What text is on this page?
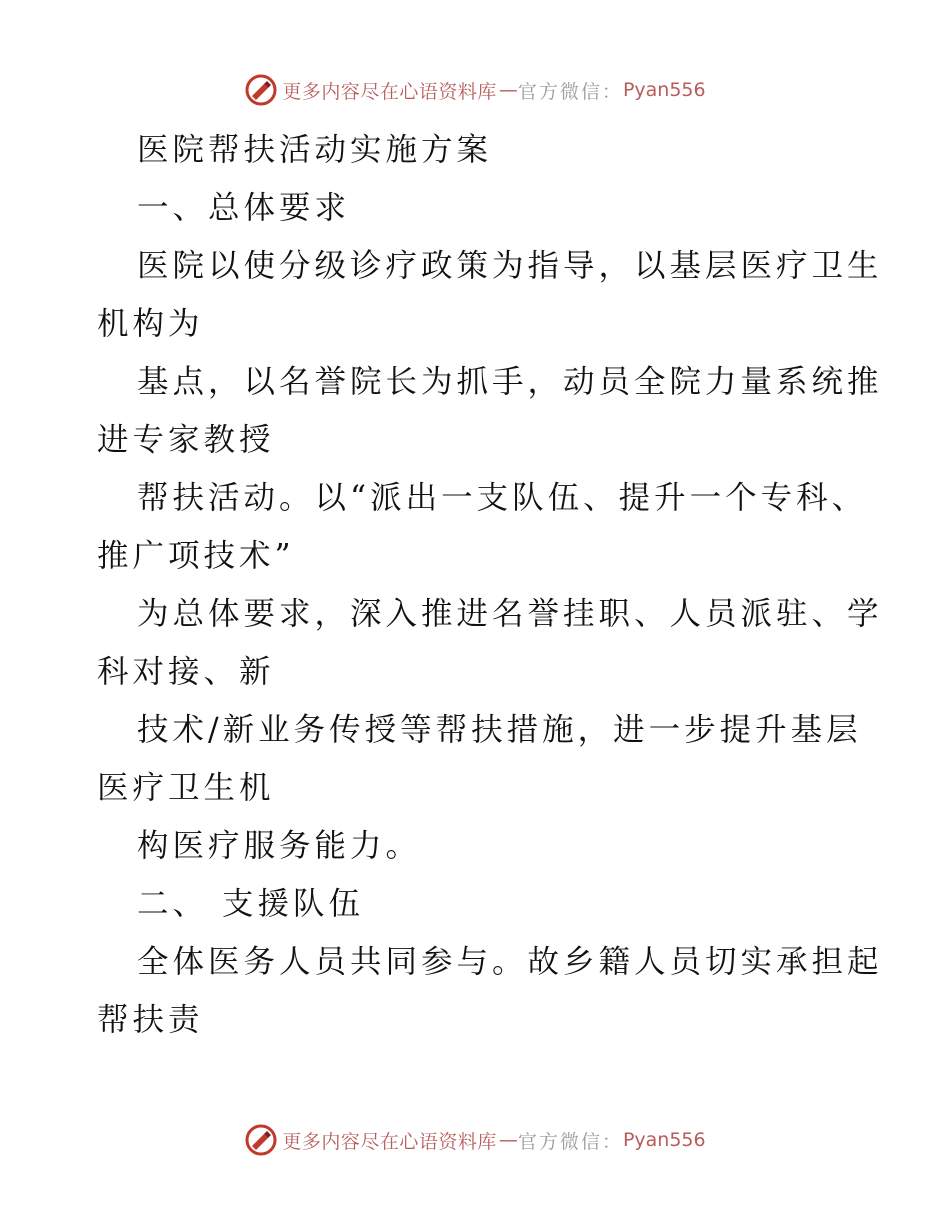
更多内容尽在心语资料库 — 官方微信： Pyan556
医院帮扶活动实施方案
一、总体要求
医院以使分级诊疗政策为指导，以基层医疗卫生
机构为
基点，以名誉院长为抓手，动员全院力量系统推
进专家教授
帮扶活动。以“派出一支队伍、提升一个专科、
推广项技术”
为总体要求，深入推进名誉挂职、人员派驻、学
科对接、新
技术/新业务传授等帮扶措施，进一步提升基层
医疗卫生机
构医疗服务能力。
二、 支援队伍
全体医务人员共同参与。故乡籍人员切实承担起
帮扶责
更多内容尽在心语资料库 — 官方微信： Pyan556
